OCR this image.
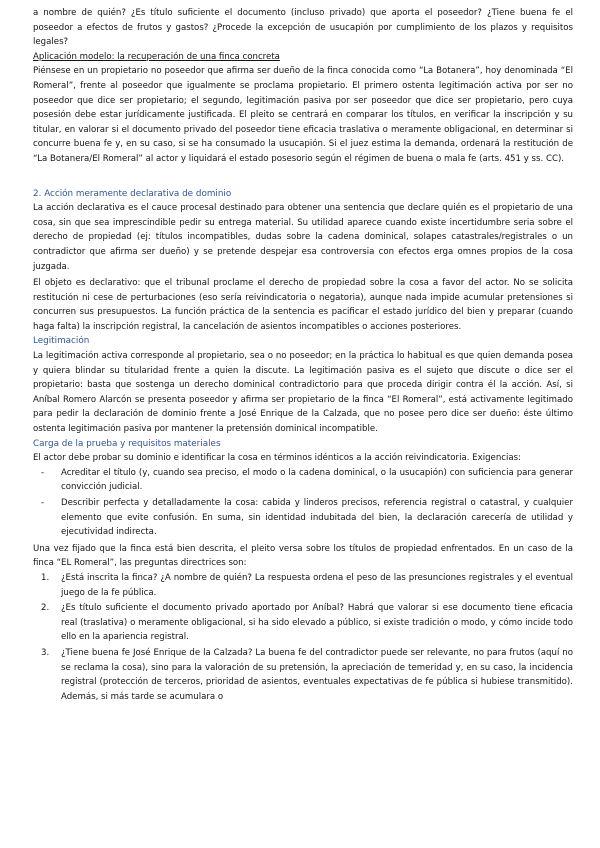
a nombre de quién? ¿Es título suficiente el documento (incluso privado) que aporta el poseedor? ¿Tiene buena fe el poseedor a efectos de frutos y gastos? ¿Procede la excepción de usucapión por cumplimiento de los plazos y requisitos legales?

Aplicación modelo: la recuperación de una finca concreta

Piénsese en un propietario no poseedor que afirma ser dueño de la finca conocida como “La Botanera”, hoy denominada “El Romeral”, frente al poseedor que igualmente se proclama propietario. El primero ostenta legitimación activa por ser no poseedor que dice ser propietario; el segundo, legitimación pasiva por ser poseedor que dice ser propietario, pero cuya posesión debe estar jurídicamente justificada. El pleito se centrará en comparar los títulos, en verificar la inscripción y su titular, en valorar si el documento privado del poseedor tiene eficacia traslativa o meramente obligacional, en determinar si concurre buena fe y, en su caso, si se ha consumado la usucapión. Si el juez estima la demanda, ordenará la restitución de “La Botanera/El Romeral” al actor y liquidará el estado posesorio según el régimen de buena o mala fe (arts. 451 y ss. CC).

2. Acción meramente declarativa de dominio

La acción declarativa es el cauce procesal destinado para obtener una sentencia que declare quién es el propietario de una cosa, sin que sea imprescindible pedir su entrega material. Su utilidad aparece cuando existe incertidumbre seria sobre el derecho de propiedad (ej: títulos incompatibles, dudas sobre la cadena dominical, solapes catastrales/registrales o un contradictor que afirma ser dueño) y se pretende despejar esa controversia con efectos erga omnes propios de la cosa juzgada.

El objeto es declarativo: que el tribunal proclame el derecho de propiedad sobre la cosa a favor del actor. No se solicita restitución ni cese de perturbaciones (eso sería reivindicatoria o negatoria), aunque nada impide acumular pretensiones si concurren sus presupuestos. La función práctica de la sentencia es pacificar el estado jurídico del bien y preparar (cuando haga falta) la inscripción registral, la cancelación de asientos incompatibles o acciones posteriores.

Legitimación

La legitimación activa corresponde al propietario, sea o no poseedor; en la práctica lo habitual es que quien demanda posea y quiera blindar su titularidad frente a quien la discute. La legitimación pasiva es el sujeto que discute o dice ser el propietario: basta que sostenga un derecho dominical contradictorio para que proceda dirigir contra él la acción. Así, si Aníbal Romero Alarcón se presenta poseedor y afirma ser propietario de la finca “El Romeral”, está activamente legitimado para pedir la declaración de dominio frente a José Enrique de la Calzada, que no posee pero dice ser dueño: éste último ostenta legitimación pasiva por mantener la pretensión dominical incompatible.

Carga de la prueba y requisitos materiales

El actor debe probar su dominio e identificar la cosa en términos idénticos a la acción reivindicatoria. Exigencias:

- Acreditar el título (y, cuando sea preciso, el modo o la cadena dominical, o la usucapión) con suficiencia para generar convicción judicial.
- Describir perfecta y detalladamente la cosa: cabida y linderos precisos, referencia registral o catastral, y cualquier elemento que evite confusión. En suma, sin identidad indubitada del bien, la declaración carecería de utilidad y ejecutividad indirecta.

Una vez fijado que la finca está bien descrita, el pleito versa sobre los títulos de propiedad enfrentados. En un caso de la finca “EL Romeral”, las preguntas directrices son:

1. ¿Está inscrita la finca? ¿A nombre de quién? La respuesta ordena el peso de las presunciones registrales y el eventual juego de la fe pública.
2. ¿Es título suficiente el documento privado aportado por Aníbal? Habrá que valorar si ese documento tiene eficacia real (traslativa) o meramente obligacional, si ha sido elevado a público, si existe tradición o modo, y cómo incide todo ello en la apariencia registral.
3. ¿Tiene buena fe José Enrique de la Calzada? La buena fe del contradictor puede ser relevante, no para frutos (aquí no se reclama la cosa), sino para la valoración de su pretensión, la apreciación de temeridad y, en su caso, la incidencia registral (protección de terceros, prioridad de asientos, eventuales expectativas de fe pública si hubiese transmitido). Además, si más tarde se acumulara o
